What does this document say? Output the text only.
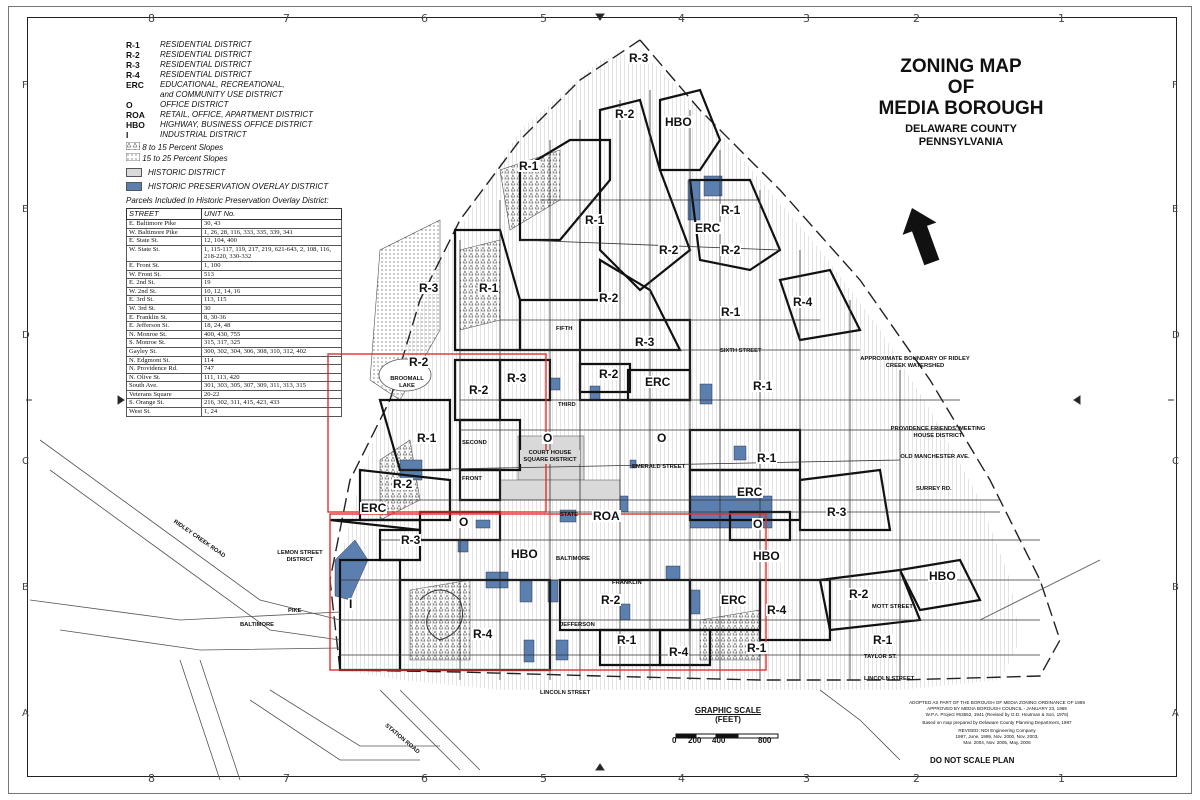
8	7	6	5	4	3	2	1
8	7	6	5	4	3	2	1
F
E
D
C
B
A
F
E
D
C
B
A
R-1	RESIDENTIAL DISTRICT
R-2	RESIDENTIAL DISTRICT
R-3	RESIDENTIAL DISTRICT
R-4	RESIDENTIAL DISTRICT
ERC	EDUCATIONAL, RECREATIONAL,
and COMMUNITY USE DISTRICT
O	OFFICE DISTRICT
ROA	RETAIL, OFFICE, APARTMENT DISTRICT
HBO	HIGHWAY, BUSINESS OFFICE DISTRICT
I	INDUSTRIAL DISTRICT
8 to 15 Percent Slopes
15 to 25 Percent Slopes
HISTORIC DISTRICT
HISTORIC PRESERVATION OVERLAY DISTRICT
Parcels Included In Historic Preservation Overlay District:
STREET	UNIT No.
E. Baltimore Pike	30, 43
W. Baltimore Pike	1, 26, 28, 116, 333, 335, 339, 341
E. State St.	12, 104, 400
W. State St.	1, 115-117, 119, 217, 219, 621-643, 2, 108, 116, 218-220, 330-332
E. Front St.	1, 100
W. Front St.	513
E. 2nd St.	19
W. 2nd St.	10, 12, 14, 16
E. 3rd St.	113, 115
W. 3rd St.	30
E. Franklin St.	8, 30-36
E. Jefferson St.	18, 24, 48
N. Monroe St.	400, 430, 755
S. Monroe St.	315, 317, 325
Gayley St.	300, 302, 304, 306, 308, 310, 312, 402
N. Edgmont St.	114
N. Providence Rd.	747
N. Olive St.	111, 113, 420
South Ave.	301, 303, 305, 307, 309, 311, 313, 315
Veterans Square	20-22
S. Orange St.	216, 302, 311, 415, 423, 433
West St.	1, 24
ZONING MAP
OF
MEDIA BOROUGH
DELAWARE COUNTY
PENNSYLVANIA
R-3
R-2
HBO
R-1
R-1
R-1
ERC
R-2
R-2
R-1
R-3
R-1
R-2	R-4
R-1
R-3
ERC
R-2
R-2
R-3	R-2
O	O
R-1
R-1
R-2
ERC
ERC
R-3
O	ROA
O
R-3
HBO	HBO
HBO
I	R-2	ERC
R-4
R-2
R-4	R-1
R-4	R-1
R-1
APPROXIMATE BOUNDARY OF RIDLEY CREEK WATERSHED
PROVIDENCE FRIENDS' MEETING HOUSE DISTRICT
LEMON STREET DISTRICT
COURT HOUSE SQUARE DISTRICT
BROOMALL LAKE
OLD MANCHESTER AVE.
FIFTH
SIXTH STREET
THIRD
SECOND
FRONT
STATE
BALTIMORE
FRANKLIN
JEFFERSON
LINCOLN STREET
EMERALD STREET
PIKE
BALTIMORE
MOTT STREET
TAYLOR ST.
LINCOLN STREET
SURREY RD.
RIDLEY CREEK ROAD
STATION ROAD
GRAPHIC SCALE
(FEET)
0 200 400	800
ADOPTED AS PART OF THE BOROUGH OF MEDIA ZONING ORDINANCE OF 1969
APPROVED BY MEDIA BOROUGH COUNCIL - JANUARY 23, 1969
W.P.A. Project #63552, 1941 (Revised by G.D. Houtman & Son, 1976)
Based on map prepared by Delaware County Planning Department, 1987
REVISED: NDI Engineering Company
1997, June, 1999, Nov. 2000, Nov. 2003,
Mar. 2004, Nov. 2005, May, 2006
DO NOT SCALE PLAN
